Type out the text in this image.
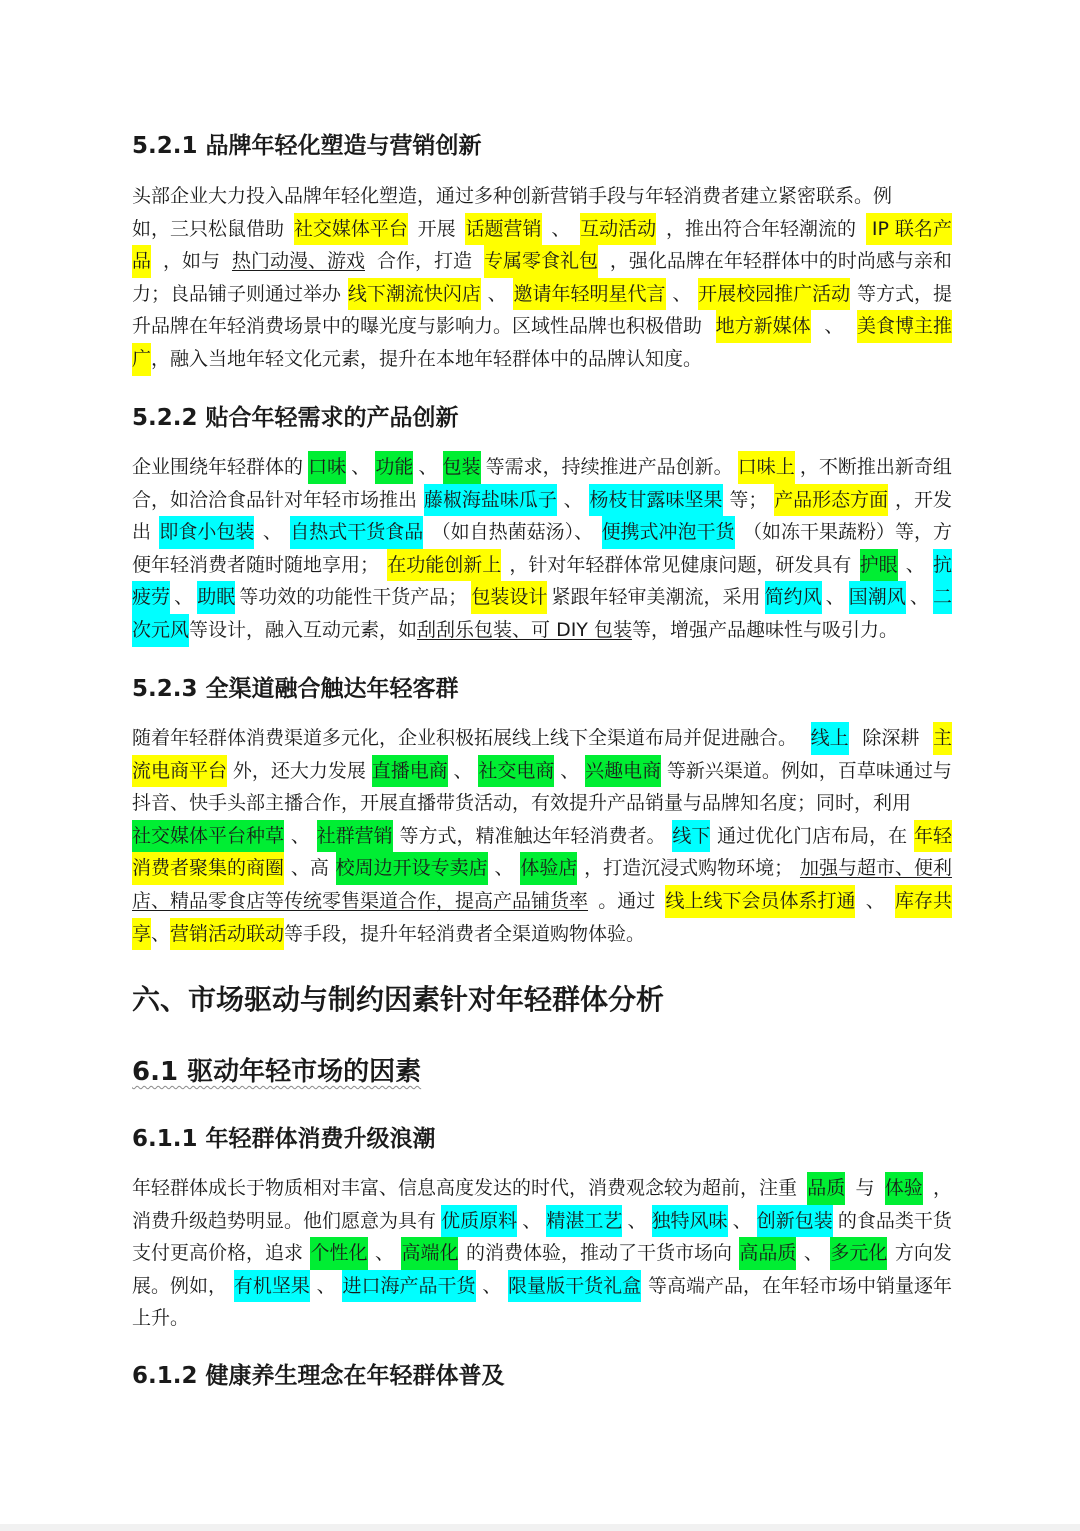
5.2.1 品牌年轻化塑造与营销创新
头部企业大力投入品牌年轻化塑造，通过多种创新营销手段与年轻消费者建立紧密联系。例
如，三只松鼠借助 社交媒体平台 开展 话题营销 、 互动活动 ，推出符合年轻潮流的 IP 联名产
品 ，如与 热门动漫、游戏 合作，打造 专属零食礼包 ，强化品牌在年轻群体中的时尚感与亲和
力；良品铺子则通过举办 线下潮流快闪店 、 邀请年轻明星代言 、 开展校园推广活动 等方式，提
升品牌在年轻消费场景中的曝光度与影响力。区域性品牌也积极借助 地方新媒体 、 美食博主推
广 ，融入当地年轻文化元素，提升在本地年轻群体中的品牌认知度。
5.2.2 贴合年轻需求的产品创新
企业围绕年轻群体的 口味 、 功能 、 包装 等需求，持续推进产品创新。 口味上 ，不断推出新奇组
合，如洽洽食品针对年轻市场推出 藤椒海盐味瓜子 、 杨枝甘露味坚果 等； 产品形态方面 ，开发
出 即食小包装 、 自热式干货食品 （如自热菌菇汤）、 便携式冲泡干货 （如冻干果蔬粉）等，方
便年轻消费者随时随地享用； 在功能创新上 ，针对年轻群体常见健康问题，研发具有 护眼 、 抗
疲劳 、 助眠 等功效的功能性干货产品； 包装设计 紧跟年轻审美潮流，采用 简约风 、 国潮风 、 二
次元风 等设计，融入互动元素，如 刮刮乐包装、可 DIY 包装 等，增强产品趣味性与吸引力。
5.2.3 全渠道融合触达年轻客群
随着年轻群体消费渠道多元化，企业积极拓展线上线下全渠道布局并促进融合。 线上 除深耕 主
流电商平台 外，还大力发展 直播电商 、 社交电商 、 兴趣电商 等新兴渠道。例如，百草味通过与
抖音、快手头部主播合作，开展直播带货活动，有效提升产品销量与品牌知名度；同时，利用
社交媒体平台种草 、 社群营销 等方式，精准触达年轻消费者。 线下 通过优化门店布局，在 年轻
消费者聚集的商圈 、高 校周边开设专卖店 、 体验店 ，打造沉浸式购物环境； 加强与超市、便利
店、精品零食店等传统零售渠道合作，提高产品铺货率 。通过 线上线下会员体系打通 、 库存共
享 、 营销活动联动 等手段，提升年轻消费者全渠道购物体验。
六、市场驱动与制约因素针对年轻群体分析
6.1 驱动年轻市场的因素
6.1.1 年轻群体消费升级浪潮
年轻群体成长于物质相对丰富、信息高度发达的时代，消费观念较为超前，注重 品质 与 体验 ，
消费升级趋势明显。他们愿意为具有 优质原料 、 精湛工艺 、 独特风味 、 创新包装 的食品类干货
支付更高价格，追求 个性化 、 高端化 的消费体验，推动了干货市场向 高品质 、 多元化 方向发
展。例如， 有机坚果 、 进口海产品干货 、 限量版干货礼盒 等高端产品，在年轻市场中销量逐年
上升。
6.1.2 健康养生理念在年轻群体普及
